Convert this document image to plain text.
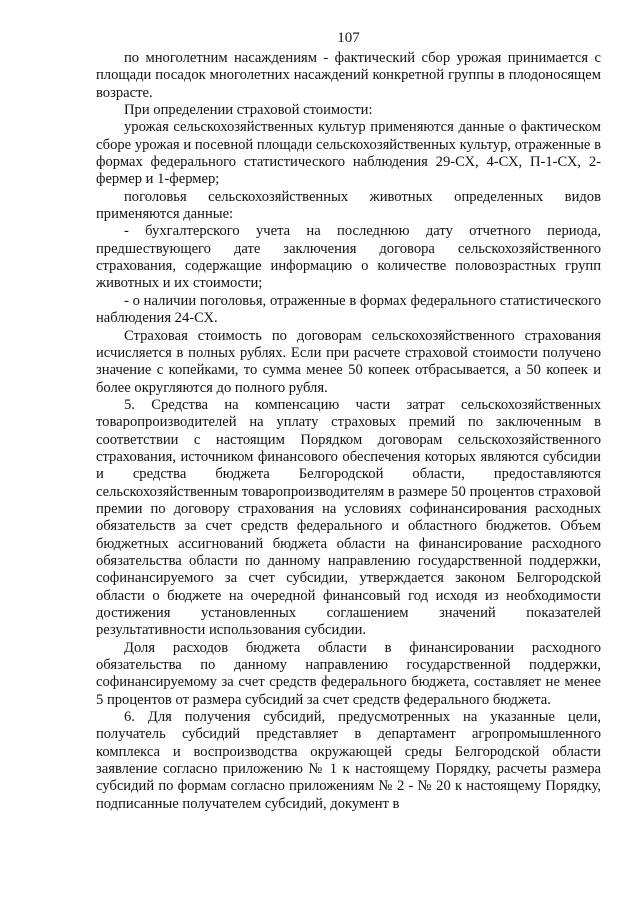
107

по многолетним насаждениям - фактический сбор урожая принимается с площади посадок многолетних насаждений конкретной группы в плодоносящем возрасте.

При определении страховой стоимости:

урожая сельскохозяйственных культур применяются данные о фактическом сборе урожая и посевной площади сельскохозяйственных культур, отраженные в формах федерального статистического наблюдения 29-СХ, 4-СХ, П-1-СХ, 2-фермер и 1-фермер;

поголовья сельскохозяйственных животных определенных видов применяются данные:

- бухгалтерского учета на последнюю дату отчетного периода, предшествующего дате заключения договора сельскохозяйственного страхования, содержащие информацию о количестве половозрастных групп животных и их стоимости;

- о наличии поголовья, отраженные в формах федерального статистического наблюдения 24-СХ.

Страховая стоимость по договорам сельскохозяйственного страхования исчисляется в полных рублях. Если при расчете страховой стоимости получено значение с копейками, то сумма менее 50 копеек отбрасывается, а 50 копеек и более округляются до полного рубля.

5. Средства на компенсацию части затрат сельскохозяйственных товаропроизводителей на уплату страховых премий по заключенным в соответствии с настоящим Порядком договорам сельскохозяйственного страхования, источником финансового обеспечения которых являются субсидии и средства бюджета Белгородской области, предоставляются сельскохозяйственным товаропроизводителям в размере 50 процентов страховой премии по договору страхования на условиях софинансирования расходных обязательств за счет средств федерального и областного бюджетов. Объем бюджетных ассигнований бюджета области на финансирование расходного обязательства области по данному направлению государственной поддержки, софинансируемого за счет субсидии, утверждается законом Белгородской области о бюджете на очередной финансовый год исходя из необходимости достижения установленных соглашением значений показателей результативности использования субсидии.

Доля расходов бюджета области в финансировании расходного обязательства по данному направлению государственной поддержки, софинансируемому за счет средств федерального бюджета, составляет не менее 5 процентов от размера субсидий за счет средств федерального бюджета.

6. Для получения субсидий, предусмотренных на указанные цели, получатель субсидий представляет в департамент агропромышленного комплекса и воспроизводства окружающей среды Белгородской области заявление согласно приложению № 1 к настоящему Порядку, расчеты размера субсидий по формам согласно приложениям № 2 - № 20 к настоящему Порядку, подписанные получателем субсидий, документ в
